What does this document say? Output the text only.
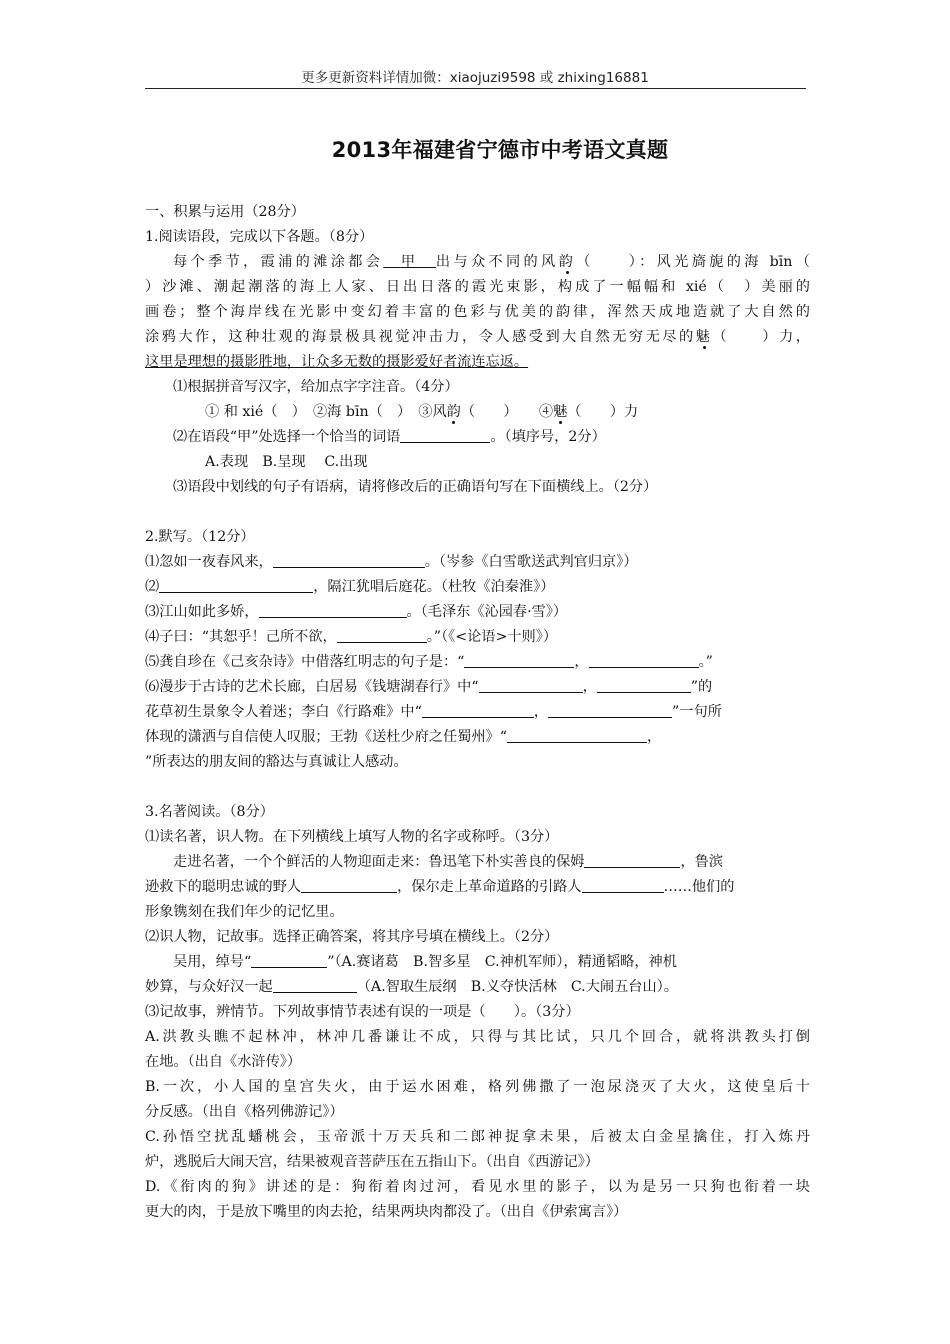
更多更新资料详情加微：xiaojuzi9598 或 zhixing16881
2013年福建省宁德市中考语文真题
一、积累与运用（28分）
1.阅读语段，完成以下各题。（8分）
每个季节，霞浦的滩涂都会　 甲　 出与众不同的风韵（　　）：风光旖旎的海 bīn（
）沙滩、潮起潮落的海上人家、日出日落的霞光束影，构成了一幅幅和 xié（　）美丽的
画卷；整个海岸线在光影中变幻着丰富的色彩与优美的韵律，浑然天成地造就了大自然的
涂鸦大作，这种壮观的海景极具视觉冲击力，令人感受到大自然无穷无尽的魅（　　）力，
这里是理想的摄影胜地，让众多无数的摄影爱好者流连忘返。
⑴根据拼音写汉字，给加点字字注音。（4分）
① 和 xié（　）　②海 bīn（　）　③风韵（　　）　　④魅（　　）力
⑵在语段“甲”处选择一个恰当的词语	。（填序号，2分）
A.表现　B.呈现　 C.出现
⑶语段中划线的句子有语病，请将修改后的正确语句写在下面横线上。（2分）
2.默写。（12分）
⑴忽如一夜春风来，	。（岑参《白雪歌送武判官归京》）
⑵	，隔江犹唱后庭花。（杜牧《泊秦淮》）
⑶江山如此多娇，	。（毛泽东《沁园春·雪》）
⑷子曰：“其恕乎！己所不欲，	。”（《<论语>十则》）
⑸龚自珍在《己亥杂诗》中借落红明志的句子是：“	，	。”
⑹漫步于古诗的艺术长廊，白居易《钱塘湖春行》中“	，	”的
花草初生景象令人着迷；李白《行路难》中“	，	”一句所
体现的潇洒与自信使人叹服；王勃《送杜少府之任蜀州》“	，
”所表达的朋友间的豁达与真诚让人感动。
3.名著阅读。（8分）
⑴读名著，识人物。在下列横线上填写人物的名字或称呼。（3分）
走进名著，一个个鲜活的人物迎面走来：鲁迅笔下朴实善良的保姆	，鲁滨
逊救下的聪明忠诚的野人	，保尔走上革命道路的引路人	……他们的
形象镌刻在我们年少的记忆里。
⑵识人物，记故事。选择正确答案，将其序号填在横线上。（2分）
吴用，绰号“	”（A.赛诸葛　B.智多星　C.神机军师），精通韬略，神机
妙算，与众好汉一起	（A.智取生辰纲　B.义夺快活林　C.大闹五台山）。
⑶记故事，辨情节。下列故事情节表述有误的一项是（　　）。（3分）
A.洪教头瞧不起林冲，林冲几番谦让不成，只得与其比试，只几个回合，就将洪教头打倒
在地。（出自《水浒传》）
B.一次，小人国的皇宫失火，由于运水困难，格列佛撒了一泡尿浇灭了大火，这使皇后十
分反感。（出自《格列佛游记》）
C.孙悟空扰乱蟠桃会，玉帝派十万天兵和二郎神捉拿未果，后被太白金星擒住，打入炼丹
炉，逃脱后大闹天宫，结果被观音菩萨压在五指山下。（出自《西游记》）
D.《衔肉的狗》讲述的是：狗衔着肉过河，看见水里的影子，以为是另一只狗也衔着一块
更大的肉，于是放下嘴里的肉去抢，结果两块肉都没了。（出自《伊索寓言》）
